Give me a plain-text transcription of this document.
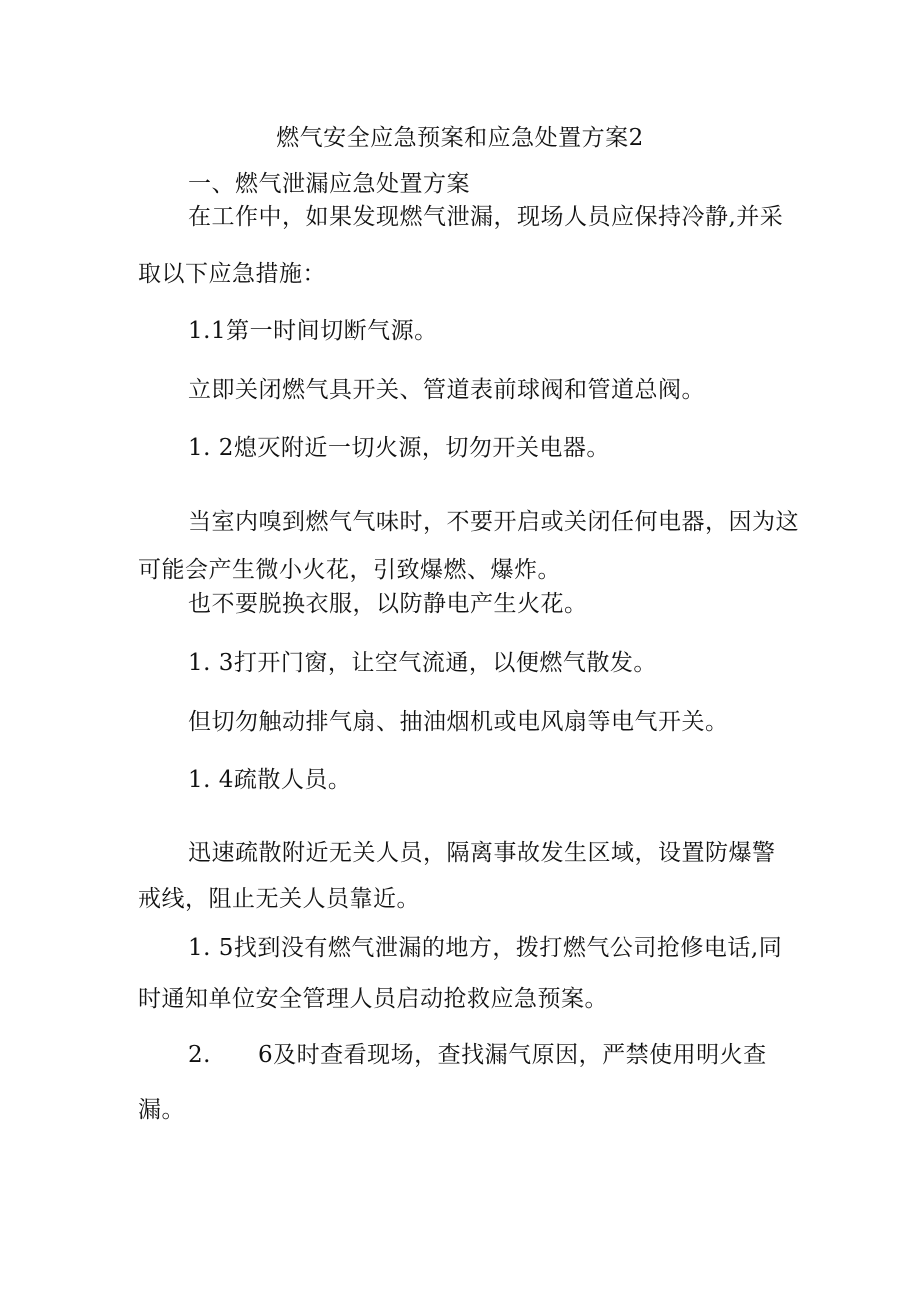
燃气安全应急预案和应急处置方案2
一、燃气泄漏应急处置方案
在工作中，如果发现燃气泄漏，现场人员应保持冷静,并采
取以下应急措施：
1.1第一时间切断气源。
立即关闭燃气具开关、管道表前球阀和管道总阀。
1. 2熄灭附近一切火源，切勿开关电器。
当室内嗅到燃气气味时，不要开启或关闭任何电器，因为这
可能会产生微小火花，引致爆燃、爆炸。
也不要脱换衣服，以防静电产生火花。
1. 3打开门窗，让空气流通，以便燃气散发。
但切勿触动排气扇、抽油烟机或电风扇等电气开关。
1. 4疏散人员。
迅速疏散附近无关人员，隔离事故发生区域，设置防爆警
戒线，阻止无关人员靠近。
1. 5找到没有燃气泄漏的地方，拨打燃气公司抢修电话,同
时通知单位安全管理人员启动抢救应急预案。
2. 6及时查看现场，查找漏气原因，严禁使用明火查
漏。
